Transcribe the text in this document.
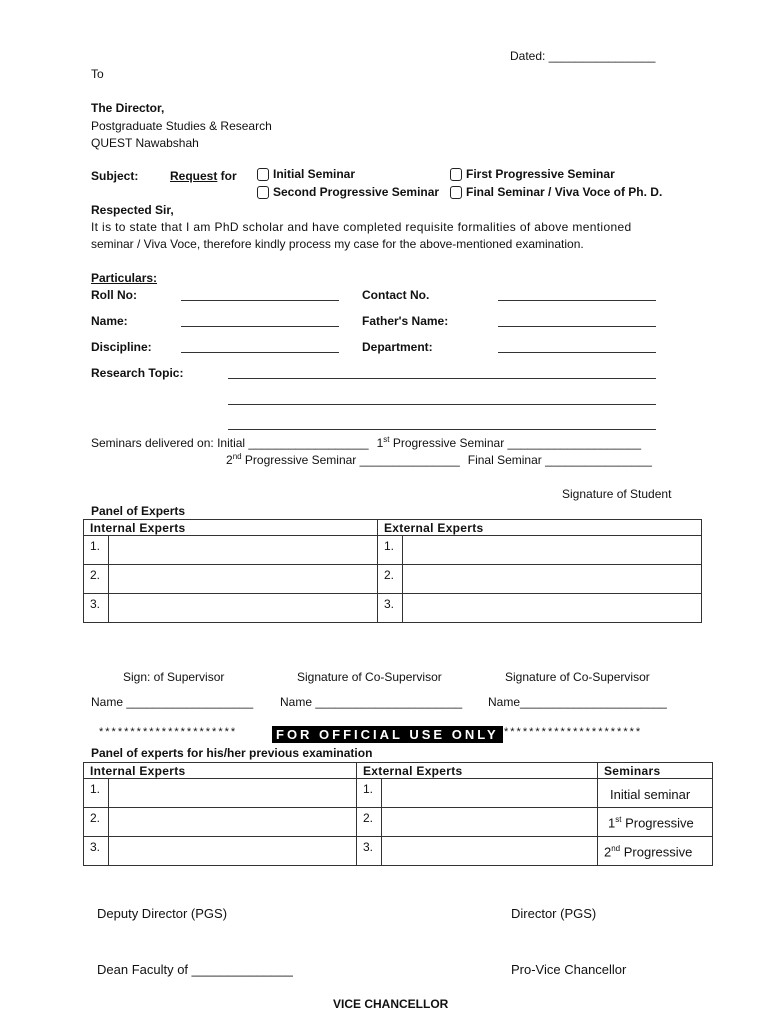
Dated: ________________
To
The Director,
Postgraduate Studies & Research
QUEST Nawabshah
Subject:	Request for	Initial Seminar	First Progressive Seminar
Second Progressive Seminar	Final Seminar / Viva Voce of Ph. D.
Respected Sir,
It is to state that I am PhD scholar and have completed requisite formalities of above mentioned
seminar / Viva Voce, therefore kindly process my case for the above-mentioned examination.
Particulars:
Roll No:	Contact No.
Name:	Father's Name:
Discipline:	Department:
Research Topic:
Seminars delivered on: Initial __________________ 1st Progressive Seminar ____________________
2nd Progressive Seminar _______________ Final Seminar ________________
Signature of Student
Panel of Experts
Internal Experts		External Experts	
1.		1.	
2.		2.	
3.		3.	
Sign: of Supervisor	Signature of Co-Supervisor	Signature of Co-Supervisor
Name ___________________ Name ______________________ Name______________________
**********************	FOR OFFICIAL USE ONLY **********************
Panel of experts for his/her previous examination
Internal Experts		External Experts		Seminars
1.		1.		Initial seminar
2.		2.		1st Progressive
3.		3.		2nd Progressive
Deputy Director (PGS)	Director (PGS)
Dean Faculty of ______________	Pro-Vice Chancellor
VICE CHANCELLOR
